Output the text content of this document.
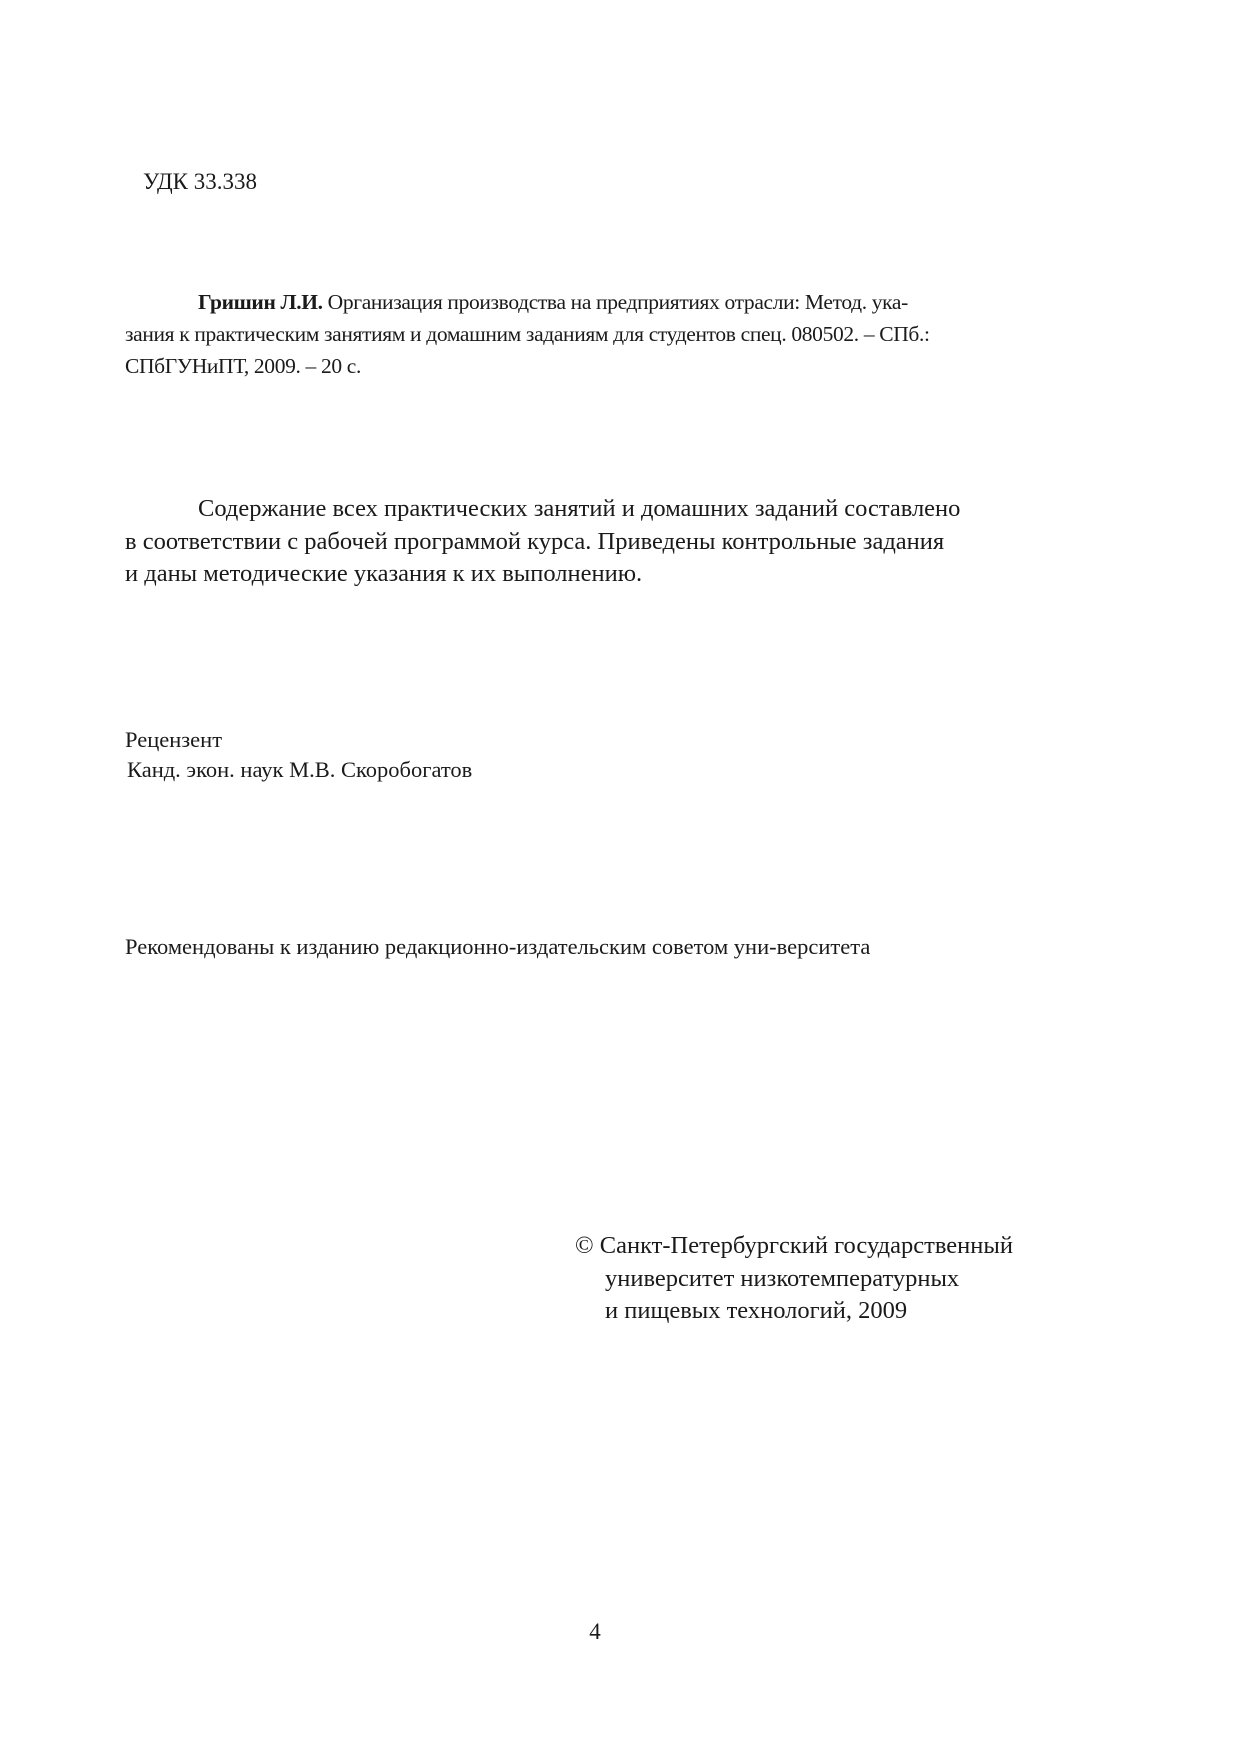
УДК 33.338

Гришин Л.И. Организация производства на предприятиях отрасли: Метод. ука-
зания к практическим занятиям и домашним заданиям для студентов спец. 080502. – СПб.:
СПбГУНиПТ, 2009. – 20 с.

Содержание всех практических занятий и домашних заданий составлено
в соответствии с рабочей программой курса. Приведены контрольные задания
и даны методические указания к их выполнению.

Рецензент
Канд. экон. наук М.В. Скоробогатов

Рекомендованы к изданию редакционно-издательским советом уни-верситета

© Санкт-Петербургский государственный
университет низкотемпературных
и пищевых технологий, 2009

4
